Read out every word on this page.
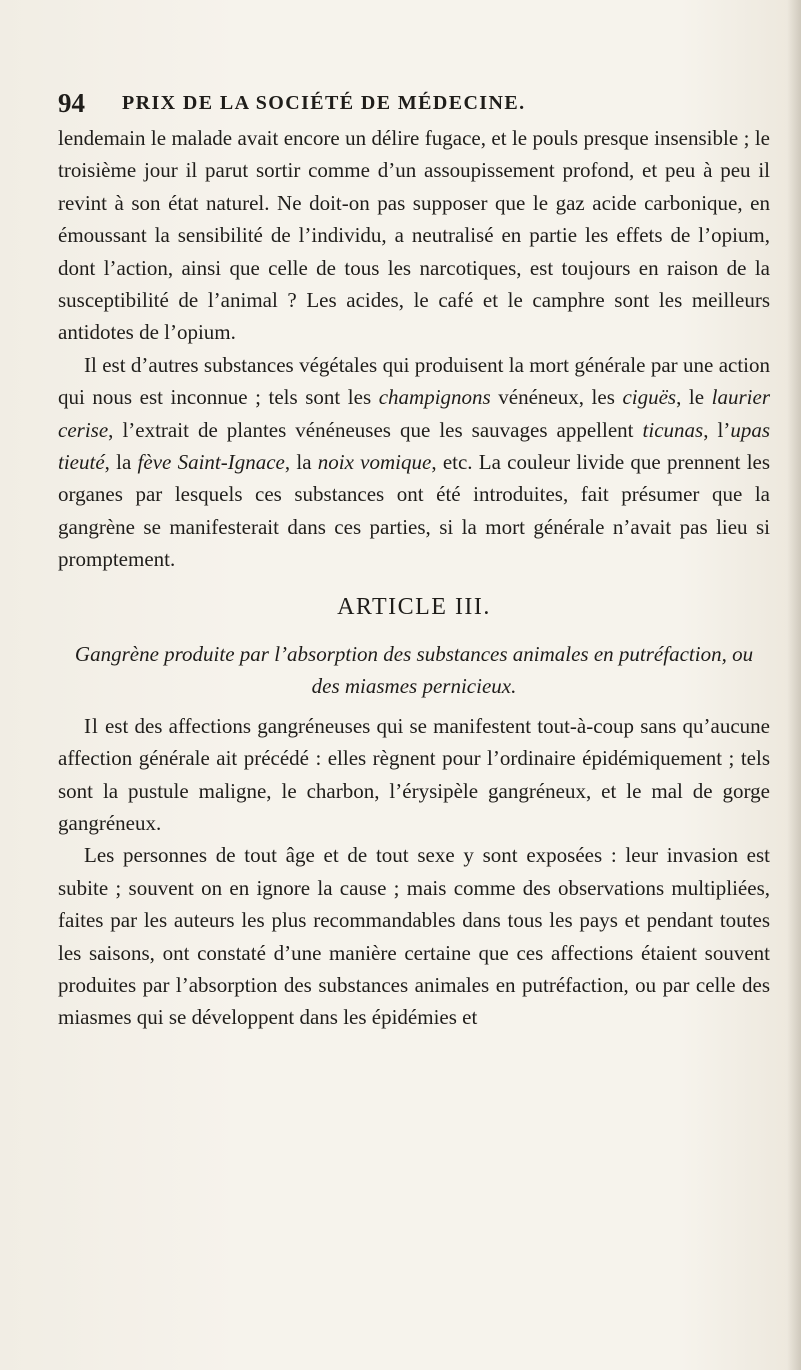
94 PRIX DE LA SOCIÉTÉ DE MÉDECINE.

lendemain le malade avait encore un délire fugace, et le pouls presque insensible ; le troisième jour il parut sortir comme d’un assoupissement profond, et peu à peu il revint à son état naturel. Ne doit-on pas supposer que le gaz acide carbonique, en émoussant la sensibilité de l’individu, a neutralisé en partie les effets de l’opium, dont l’action, ainsi que celle de tous les narcotiques, est toujours en raison de la susceptibilité de l’animal ? Les acides, le café et le camphre sont les meilleurs antidotes de l’opium.

Il est d’autres substances végétales qui produisent la mort générale par une action qui nous est inconnue ; tels sont les champignons vénéneux, les ciguës, le laurier cerise, l’extrait de plantes vénéneuses que les sauvages appellent ticunas, l’upas tieuté, la fève Saint-Ignace, la noix vomique, etc. La couleur livide que prennent les organes par lesquels ces substances ont été introduites, fait présumer que la gangrène se manifesterait dans ces parties, si la mort générale n’avait pas lieu si promptement.

ARTICLE III.

Gangrène produite par l’absorption des substances animales en putréfaction, ou des miasmes pernicieux.

Il est des affections gangréneuses qui se manifestent tout-à-coup sans qu’aucune affection générale ait précédé : elles règnent pour l’ordinaire épidémiquement ; tels sont la pustule maligne, le charbon, l’érysipèle gangréneux, et le mal de gorge gangréneux.

Les personnes de tout âge et de tout sexe y sont exposées : leur invasion est subite ; souvent on en ignore la cause ; mais comme des observations multipliées, faites par les auteurs les plus recommandables dans tous les pays et pendant toutes les saisons, ont constaté d’une manière certaine que ces affections étaient souvent produites par l’absorption des substances animales en putréfaction, ou par celle des miasmes qui se développent dans les épidémies et
